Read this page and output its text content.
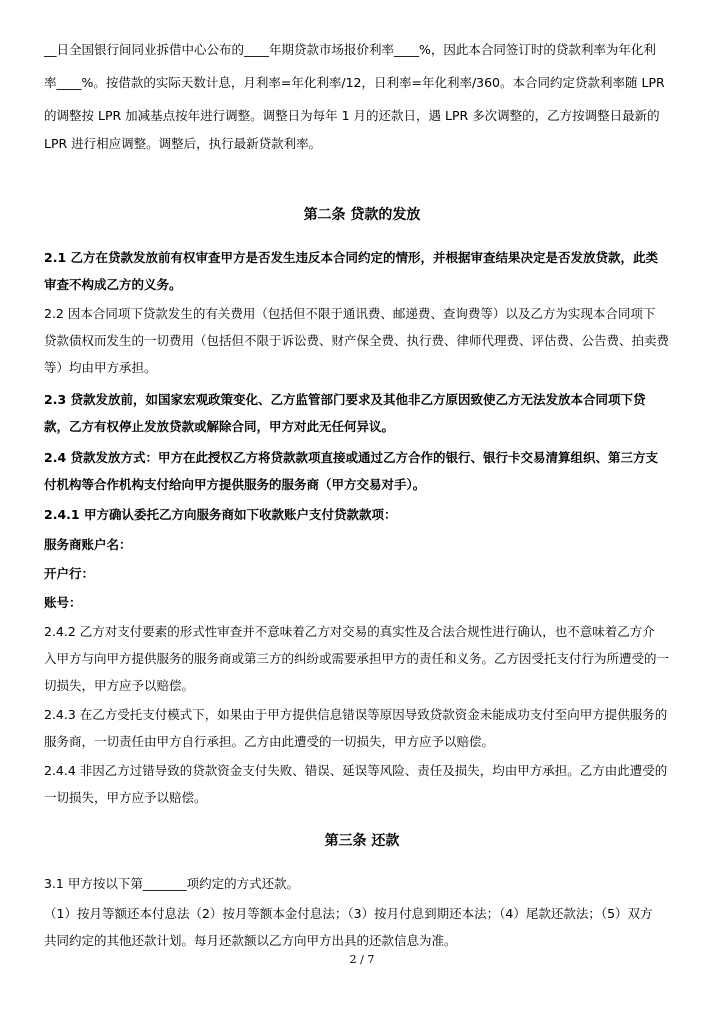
__日全国银行间同业拆借中心公布的____年期贷款市场报价利率____%，因此本合同签订时的贷款利率为年化利

率____%。按借款的实际天数计息，月利率=年化利率/12，日利率=年化利率/360。本合同约定贷款利率随 LPR

的调整按 LPR 加减基点按年进行调整。调整日为每年 1 月的还款日，遇 LPR 多次调整的，乙方按调整日最新的

LPR 进行相应调整。调整后，执行最新贷款利率。

第二条 贷款的发放

2.1 乙方在贷款发放前有权审查甲方是否发生违反本合同约定的情形，并根据审查结果决定是否发放贷款，此类

审查不构成乙方的义务。

2.2 因本合同项下贷款发生的有关费用（包括但不限于通讯费、邮递费、查询费等）以及乙方为实现本合同项下

贷款债权而发生的一切费用（包括但不限于诉讼费、财产保全费、执行费、律师代理费、评估费、公告费、拍卖费

等）均由甲方承担。

2.3 贷款发放前，如国家宏观政策变化、乙方监管部门要求及其他非乙方原因致使乙方无法发放本合同项下贷

款，乙方有权停止发放贷款或解除合同，甲方对此无任何异议。

2.4 贷款发放方式：甲方在此授权乙方将贷款款项直接或通过乙方合作的银行、银行卡交易清算组织、第三方支

付机构等合作机构支付给向甲方提供服务的服务商（甲方交易对手）。

2.4.1 甲方确认委托乙方向服务商如下收款账户支付贷款款项：

服务商账户名：

开户行：

账号：

2.4.2 乙方对支付要素的形式性审查并不意味着乙方对交易的真实性及合法合规性进行确认，也不意味着乙方介

入甲方与向甲方提供服务的服务商或第三方的纠纷或需要承担甲方的责任和义务。乙方因受托支付行为所遭受的一

切损失，甲方应予以赔偿。

2.4.3 在乙方受托支付模式下，如果由于甲方提供信息错误等原因导致贷款资金未能成功支付至向甲方提供服务的

服务商，一切责任由甲方自行承担。乙方由此遭受的一切损失，甲方应予以赔偿。

2.4.4 非因乙方过错导致的贷款资金支付失败、错误、延误等风险、责任及损失，均由甲方承担。乙方由此遭受的

一切损失，甲方应予以赔偿。

第三条 还款

3.1 甲方按以下第_______项约定的方式还款。

（1）按月等额还本付息法（2）按月等额本金付息法；（3）按月付息到期还本法；（4）尾款还款法；（5）双方

共同约定的其他还款计划。每月还款额以乙方向甲方出具的还款信息为准。

2 / 7
